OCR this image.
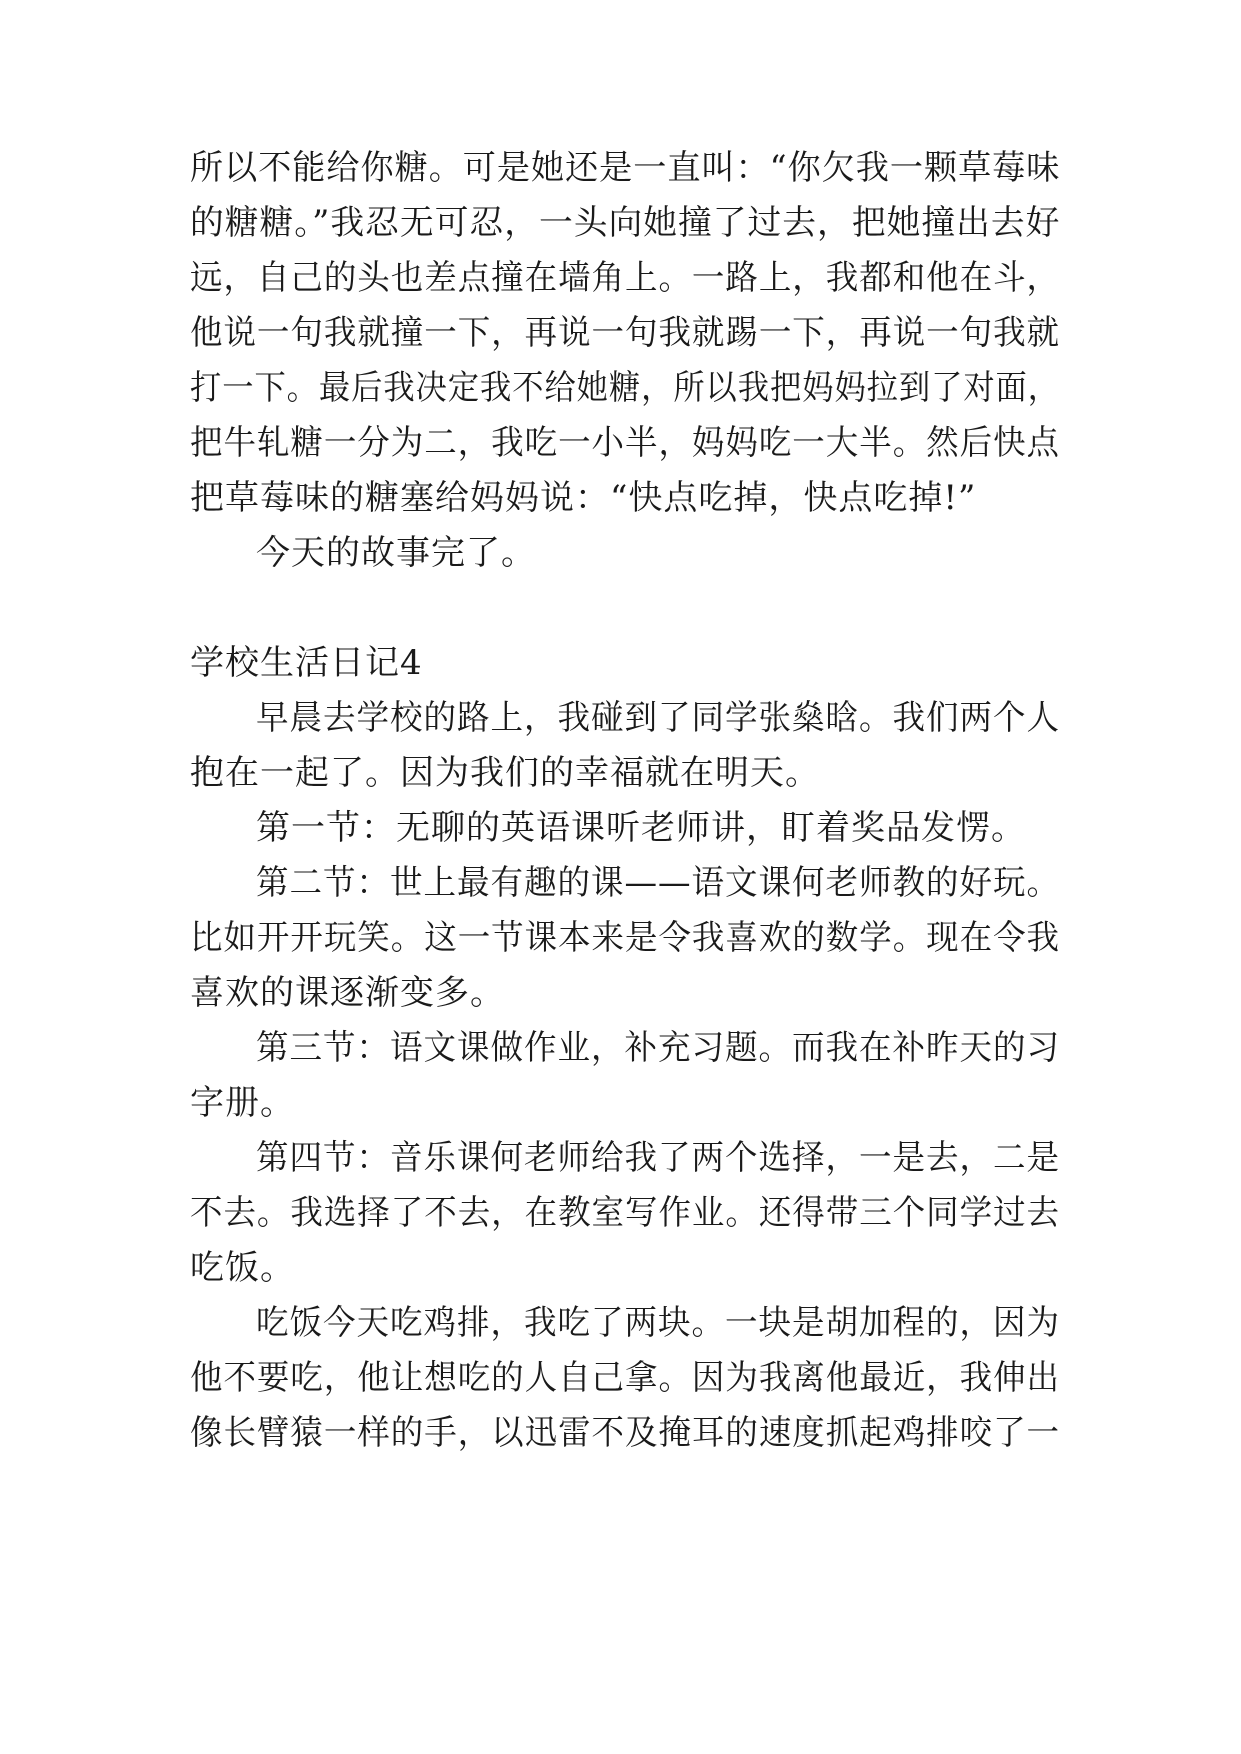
所以不能给你糖。可是她还是一直叫：“你欠我一颗草莓味
的糖糖。”我忍无可忍，一头向她撞了过去，把她撞出去好
远，自己的头也差点撞在墙角上。一路上，我都和他在斗，
他说一句我就撞一下，再说一句我就踢一下，再说一句我就
打一下。最后我决定我不给她糖，所以我把妈妈拉到了对面，
把牛轧糖一分为二，我吃一小半，妈妈吃一大半。然后快点
把草莓味的糖塞给妈妈说：“快点吃掉，快点吃掉!”
今天的故事完了。
学校生活日记4
早晨去学校的路上，我碰到了同学张燊晗。我们两个人
抱在一起了。因为我们的幸福就在明天。
第一节：无聊的英语课听老师讲，盯着奖品发愣。
第二节：世上最有趣的课——语文课何老师教的好玩。
比如开开玩笑。这一节课本来是令我喜欢的数学。现在令我
喜欢的课逐渐变多。
第三节：语文课做作业，补充习题。而我在补昨天的习
字册。
第四节：音乐课何老师给我了两个选择，一是去，二是
不去。我选择了不去，在教室写作业。还得带三个同学过去
吃饭。
吃饭今天吃鸡排，我吃了两块。一块是胡加程的，因为
他不要吃，他让想吃的人自己拿。因为我离他最近，我伸出
像长臂猿一样的手，以迅雷不及掩耳的速度抓起鸡排咬了一
